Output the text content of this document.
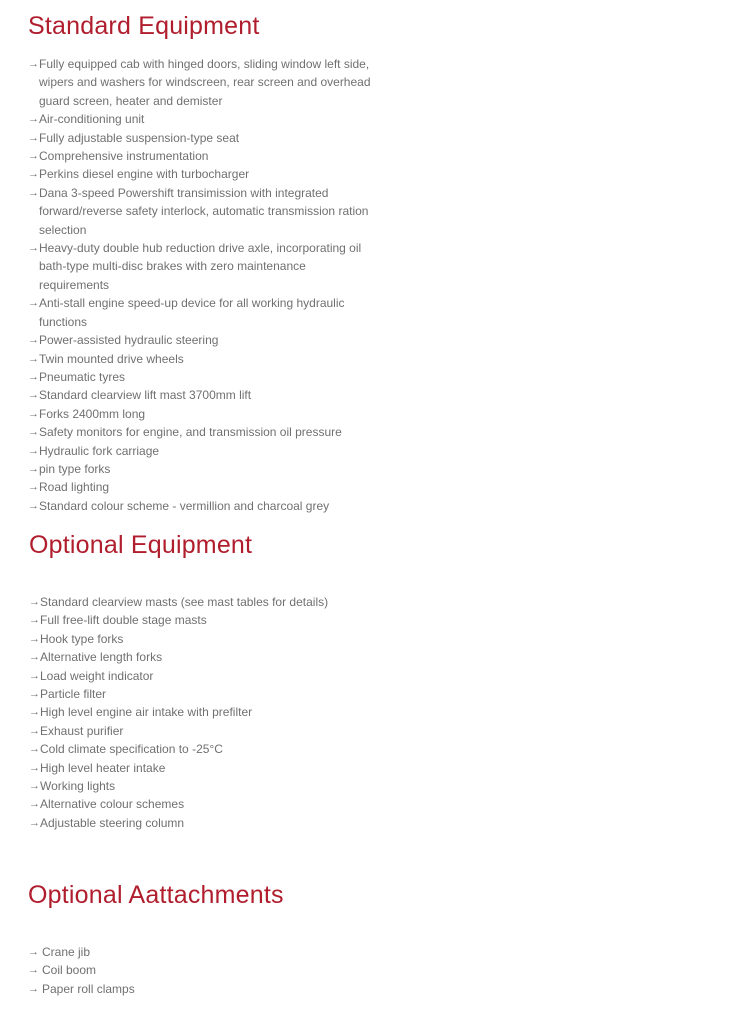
Standard Equipment
→ Fully equipped cab with hinged doors, sliding window left side, wipers and washers for windscreen, rear screen and overhead guard screen, heater and demister
→ Air-conditioning unit
→ Fully adjustable suspension-type seat
→ Comprehensive instrumentation
→ Perkins diesel engine with turbocharger
→ Dana 3-speed Powershift transimission with integrated forward/reverse safety interlock, automatic transmission ration selection
→ Heavy-duty double hub reduction drive axle, incorporating oil bath-type multi-disc brakes with zero maintenance requirements
→ Anti-stall engine speed-up device for all working hydraulic functions
→ Power-assisted hydraulic steering
→ Twin mounted drive wheels
→ Pneumatic tyres
→ Standard clearview lift mast 3700mm lift
→ Forks 2400mm long
→ Safety monitors for engine, and transmission oil pressure
→ Hydraulic fork carriage
→ pin type forks
→ Road lighting
→ Standard colour scheme - vermillion and charcoal grey
Optional Equipment
→ Standard clearview masts (see mast tables for details)
→ Full free-lift double stage masts
→ Hook type forks
→ Alternative length forks
→ Load weight indicator
→ Particle filter
→ High level engine air intake with prefilter
→ Exhaust purifier
→ Cold climate specification to -25°C
→ High level heater intake
→ Working lights
→ Alternative colour schemes
→ Adjustable steering column
Optional Aattachments
→ Crane jib
→ Coil boom
→ Paper roll clamps
